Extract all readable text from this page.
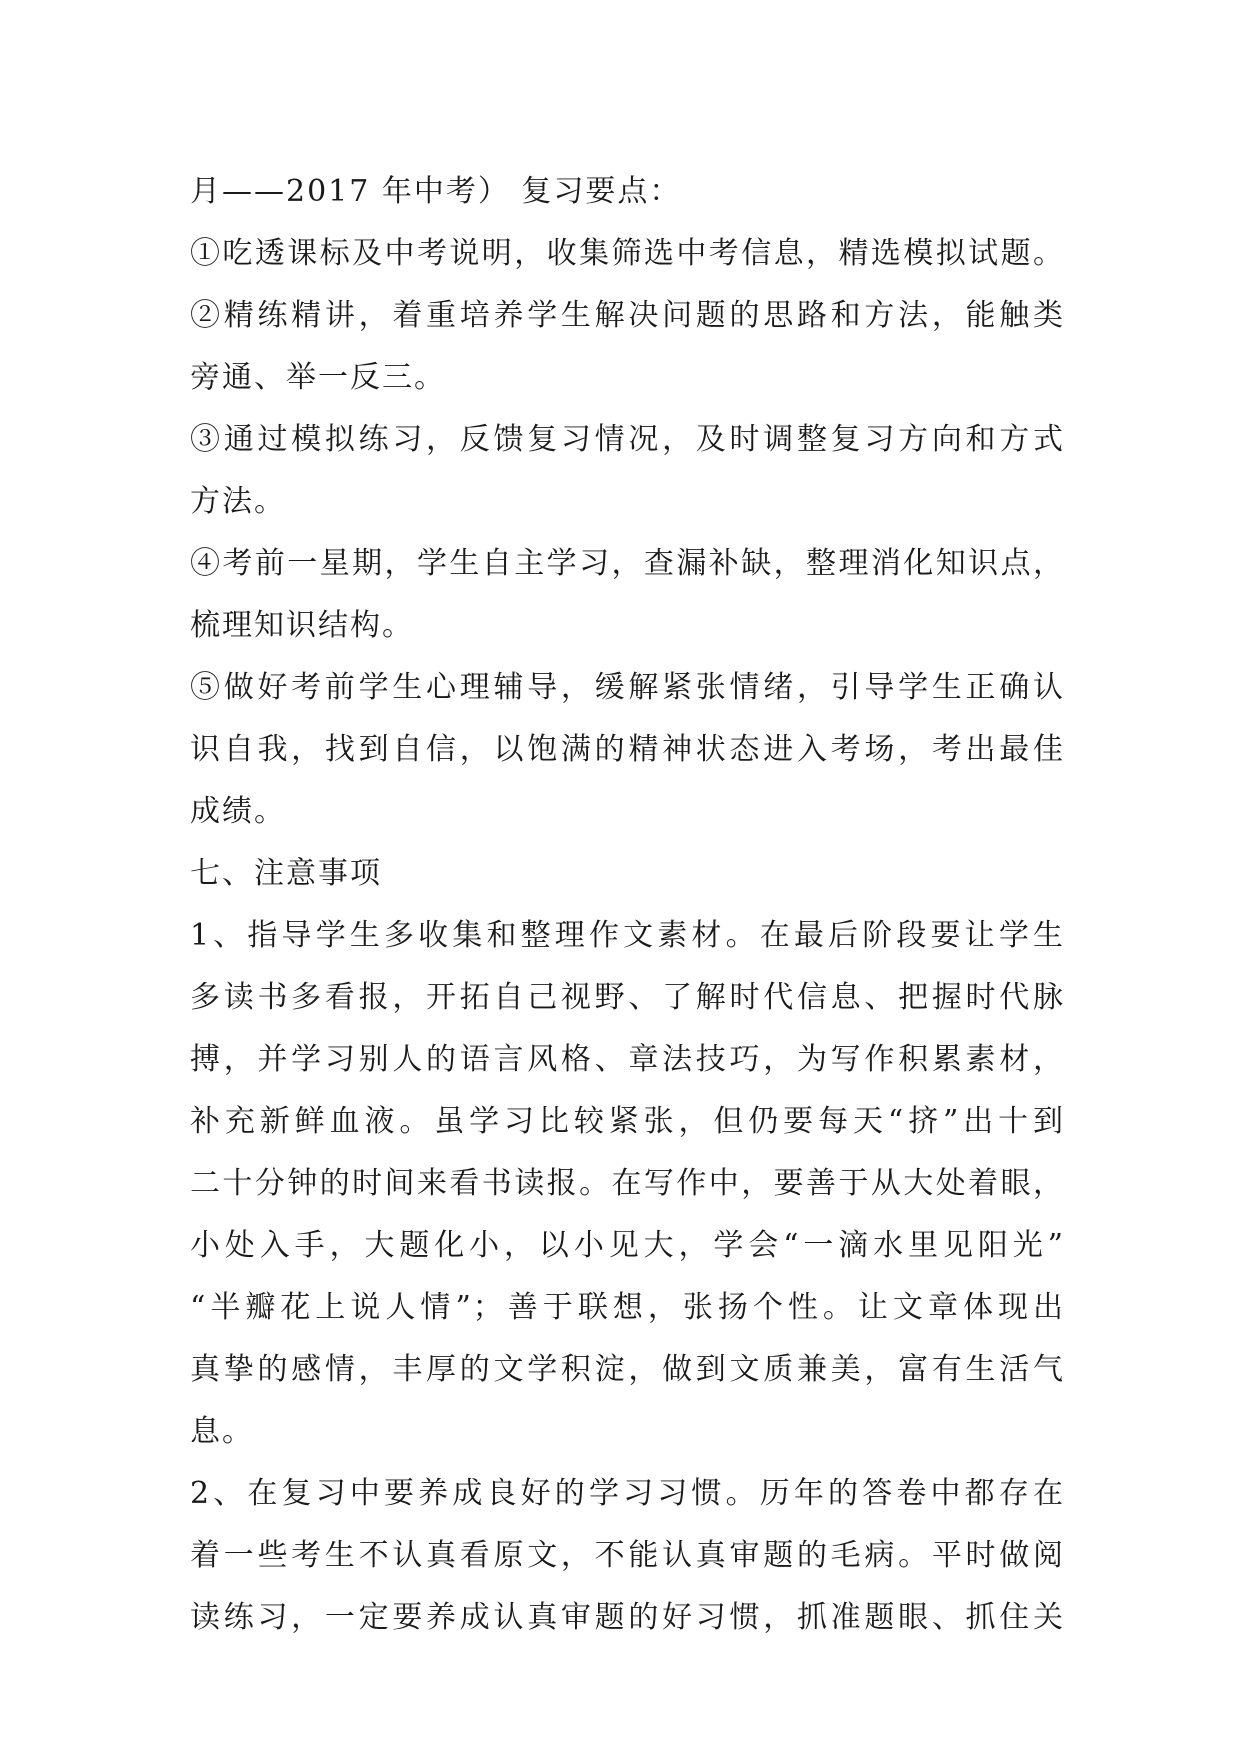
月——2017 年中考） 复习要点：
①吃透课标及中考说明，收集筛选中考信息，精选模拟试题。
②精练精讲，着重培养学生解决问题的思路和方法，能触类
旁通、举一反三。
③通过模拟练习，反馈复习情况，及时调整复习方向和方式
方法。
④考前一星期，学生自主学习，查漏补缺，整理消化知识点，
梳理知识结构。
⑤做好考前学生心理辅导，缓解紧张情绪，引导学生正确认
识自我，找到自信，以饱满的精神状态进入考场，考出最佳
成绩。
七、注意事项
1、指导学生多收集和整理作文素材。在最后阶段要让学生
多读书多看报，开拓自己视野、了解时代信息、把握时代脉
搏，并学习别人的语言风格、章法技巧，为写作积累素材，
补充新鲜血液。虽学习比较紧张，但仍要每天“挤”出十到
二十分钟的时间来看书读报。在写作中，要善于从大处着眼，
小处入手，大题化小，以小见大，学会“一滴水里见阳光”
“半瓣花上说人情”；善于联想，张扬个性。让文章体现出
真挚的感情，丰厚的文学积淀，做到文质兼美，富有生活气
息。
2、在复习中要养成良好的学习习惯。历年的答卷中都存在
着一些考生不认真看原文，不能认真审题的毛病。平时做阅
读练习，一定要养成认真审题的好习惯，抓准题眼、抓住关
